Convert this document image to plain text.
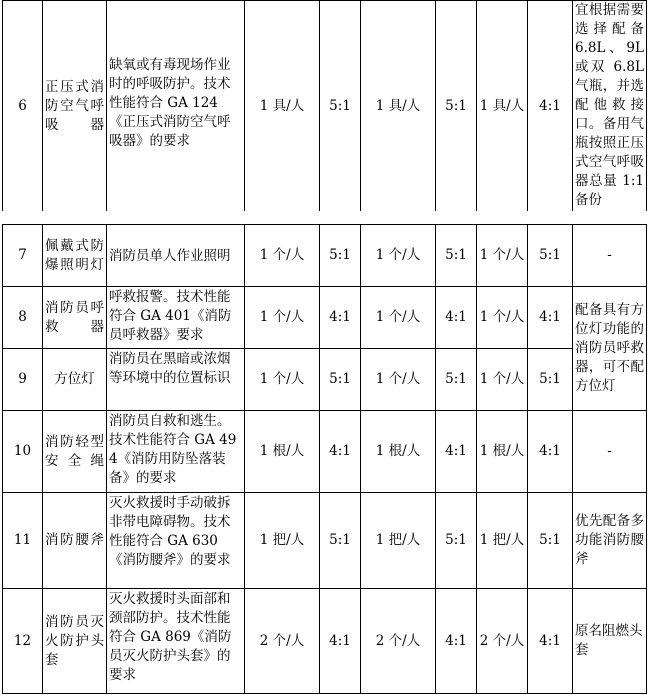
6	正压式消防空气呼吸器	缺氧或有毒现场作业时的呼吸防护。技术性能符合 GA 124《正压式消防空气呼吸器》的要求	1 具/人	5:1	1 具/人	5:1	1 具/人	4:1	宜根据需要选择配备 6.8L、9L 或双 6.8L 气瓶，并选配他救接口。备用气瓶按照正压式空气呼吸器总量 1:1 备份
7	佩戴式防爆照明灯	消防员单人作业照明	1 个/人	5:1	1 个/人	5:1	1 个/人	5:1	-
8	消防员呼救器	呼救报警。技术性能符合 GA 401《消防员呼救器》要求	1 个/人	4:1	1 个/人	4:1	1 个/人	4:1	配备具有方位灯功能的消防员呼救器，可不配方位灯
9	方位灯	消防员在黑暗或浓烟等环境中的位置标识	1 个/人	5:1	1 个/人	5:1	1 个/人	5:1	
10	消防轻型安全绳	消防员自救和逃生。技术性能符合 GA 494《消防用防坠落装备》的要求	1 根/人	4:1	1 根/人	4:1	1 根/人	4:1	-
11	消防腰斧	灭火救援时手动破拆非带电障碍物。技术性能符合 GA 630《消防腰斧》的要求	1 把/人	5:1	1 把/人	5:1	1 把/人	5:1	优先配备多功能消防腰斧
12	消防员灭火防护头套	灭火救援时头面部和颈部防护。技术性能符合 GA 869《消防员灭火防护头套》的要求	2 个/人	4:1	2 个/人	4:1	2 个/人	4:1	原名阻燃头套
